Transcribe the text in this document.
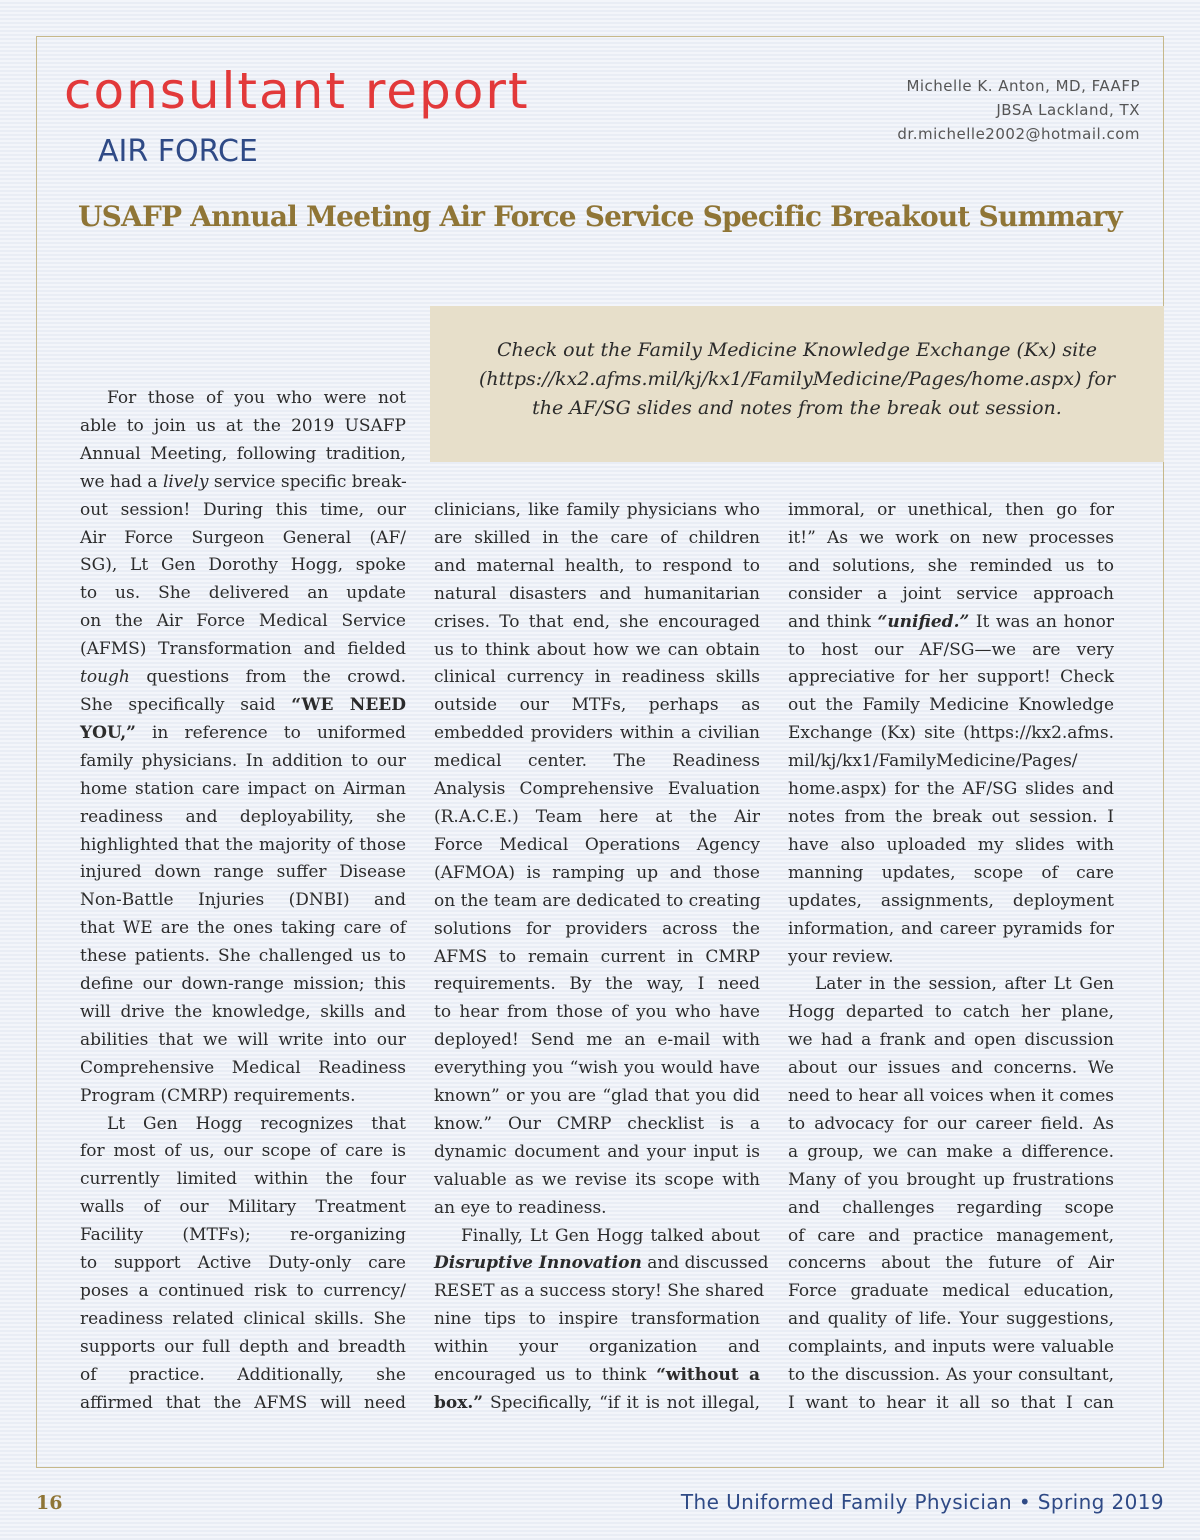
consultant report
AIR FORCE
Michelle K. Anton, MD, FAAFP
JBSA Lackland, TX
dr.michelle2002@hotmail.com
USAFP Annual Meeting Air Force Service Specific Breakout Summary
Check out the Family Medicine Knowledge Exchange (Kx) site
(https://kx2.afms.mil/kj/kx1/FamilyMedicine/Pages/home.aspx) for
the AF/SG slides and notes from the break out session.

For those of you who were not
able to join us at the 2019 USAFP
Annual Meeting, following tradition,
we had a lively service specific break-
out session! During this time, our
Air Force Surgeon General (AF/
SG), Lt Gen Dorothy Hogg, spoke
to us. She delivered an update
on the Air Force Medical Service
(AFMS) Transformation and fielded
tough questions from the crowd.
She specifically said “WE NEED
YOU,” in reference to uniformed
family physicians. In addition to our
home station care impact on Airman
readiness and deployability, she
highlighted that the majority of those
injured down range suffer Disease
Non-Battle Injuries (DNBI) and
that WE are the ones taking care of
these patients. She challenged us to
define our down-range mission; this
will drive the knowledge, skills and
abilities that we will write into our
Comprehensive Medical Readiness
Program (CMRP) requirements.

Lt Gen Hogg recognizes that
for most of us, our scope of care is
currently limited within the four
walls of our Military Treatment
Facility (MTFs); re-organizing
to support Active Duty-only care
poses a continued risk to currency/
readiness related clinical skills. She
supports our full depth and breadth
of practice. Additionally, she
affirmed that the AFMS will need

clinicians, like family physicians who
are skilled in the care of children
and maternal health, to respond to
natural disasters and humanitarian
crises. To that end, she encouraged
us to think about how we can obtain
clinical currency in readiness skills
outside our MTFs, perhaps as
embedded providers within a civilian
medical center. The Readiness
Analysis Comprehensive Evaluation
(R.A.C.E.) Team here at the Air
Force Medical Operations Agency
(AFMOA) is ramping up and those
on the team are dedicated to creating
solutions for providers across the
AFMS to remain current in CMRP
requirements. By the way, I need
to hear from those of you who have
deployed! Send me an e-mail with
everything you “wish you would have
known” or you are “glad that you did
know.” Our CMRP checklist is a
dynamic document and your input is
valuable as we revise its scope with
an eye to readiness.

Finally, Lt Gen Hogg talked about
Disruptive Innovation and discussed
RESET as a success story! She shared
nine tips to inspire transformation
within your organization and
encouraged us to think “without a
box.” Specifically, “if it is not illegal,

immoral, or unethical, then go for
it!” As we work on new processes
and solutions, she reminded us to
consider a joint service approach
and think “unified.” It was an honor
to host our AF/SG—we are very
appreciative for her support! Check
out the Family Medicine Knowledge
Exchange (Kx) site (https://kx2.afms.
mil/kj/kx1/FamilyMedicine/Pages/
home.aspx) for the AF/SG slides and
notes from the break out session. I
have also uploaded my slides with
manning updates, scope of care
updates, assignments, deployment
information, and career pyramids for
your review.

Later in the session, after Lt Gen
Hogg departed to catch her plane,
we had a frank and open discussion
about our issues and concerns. We
need to hear all voices when it comes
to advocacy for our career field. As
a group, we can make a difference.
Many of you brought up frustrations
and challenges regarding scope
of care and practice management,
concerns about the future of Air
Force graduate medical education,
and quality of life. Your suggestions,
complaints, and inputs were valuable
to the discussion. As your consultant,
I want to hear it all so that I can

16	The Uniformed Family Physician • Spring 2019
